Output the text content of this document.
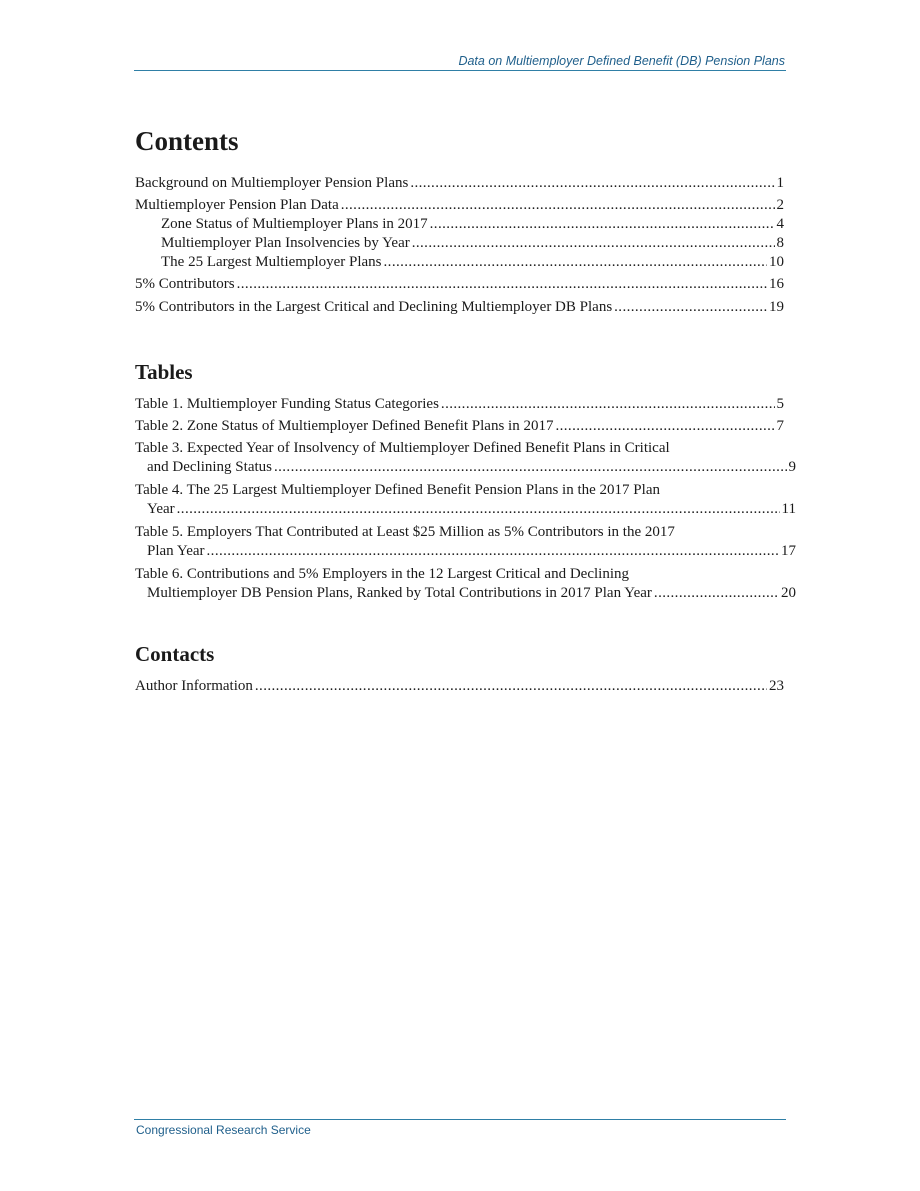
Data on Multiemployer Defined Benefit (DB) Pension Plans
Contents
Background on Multiemployer Pension Plans .....	1
Multiemployer Pension Plan Data .....	2
Zone Status of Multiemployer Plans in 2017 .....	4
Multiemployer Plan Insolvencies by Year .....	8
The 25 Largest Multiemployer Plans .....	10
5% Contributors .....	16
5% Contributors in the Largest Critical and Declining Multiemployer DB Plans .....	19
Tables
Table 1. Multiemployer Funding Status Categories .....	5
Table 2. Zone Status of Multiemployer Defined Benefit Plans in 2017 .....	7
Table 3. Expected Year of Insolvency of Multiemployer Defined Benefit Plans in Critical
and Declining Status .....	9
Table 4. The 25 Largest Multiemployer Defined Benefit Pension Plans in the 2017 Plan
Year .....	11
Table 5. Employers That Contributed at Least $25 Million as 5% Contributors in the 2017
Plan Year .....	17
Table 6. Contributions and 5% Employers in the 12 Largest Critical and Declining
Multiemployer DB Pension Plans, Ranked by Total Contributions in 2017 Plan Year .....	20
Contacts
Author Information .....	23
Congressional Research Service
